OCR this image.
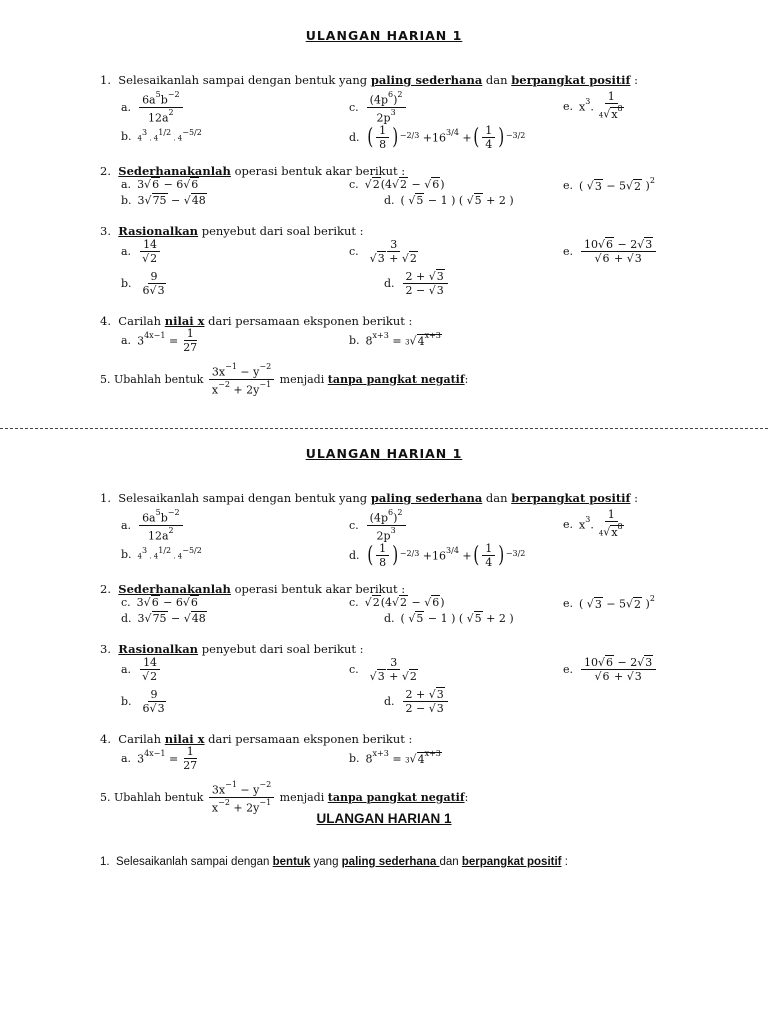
ULANGAN HARIAN 1
1. Selesaikanlah sampai dengan bentuk yang paling sederhana dan berpangkat positif :
a. $\frac{6a^5b^{-2}}{12a^2}$	c. $\frac{(4p^6)^2}{2p^3}$	e. $x^3$. $\frac{1}{4√x^8}$
b. 43 . 41/2 . 4−5/2	d. ( $\frac{1}{8}$ ) $-2/3 +16^{3/4}$ + ( $\frac{1}{4}$ ) −3/2
2. Sederhanakanlah operasi bentuk akar berikut :
a. 3√6 − 6√6
b. 3√75 − √48
c. √2(4√2 − √6)
d. ( √5 − 1 ) ( √5 + 2 )
e. ( √3 − 5√2 )$^2$
3. Rasionalkan penyebut dari soal berikut :
a. $\frac{14}{√2}$
b. $\frac{9}{6√3}$
c. $\frac{3}{√3 + √2}$
d. $\frac{2 + √3}{2 - √3}$
e. $\frac{10√6 - 2√3}{√6 + √3}$
4. Carilah nilai x dari persamaan eksponen berikut :
a. $3^{4x-1} = \frac{1}{27}$	b. $8^{x+3} = 3√4^{x+3}$
5.
Ubahlah bentuk
$\frac{3x^{-1} - y^{-2}}{x^{-2} + 2y^{-1}}$
menjadi
tanpa pangkat negatif :
ULANGAN HARIAN 1
1. Selesaikanlah sampai dengan bentuk yang paling sederhana dan berpangkat positif :
a. $\frac{6a^5b^{-2}}{12a^2}$	c. $\frac{(4p^6)^2}{2p^3}$	e. $x^3$. $\frac{1}{4√x^8}$
b. 43 . 41/2 . 4−5/2	d. ( $\frac{1}{8}$ ) $-2/3 +16^{3/4}$ + ( $\frac{1}{4}$ ) −3/2
2. Sederhanakanlah operasi bentuk akar berikut :
c. 3√6 − 6√6
d. 3√75 − √48
c. √2(4√2 − √6)
d. ( √5 − 1 ) ( √5 + 2 )
e. ( √3 − 5√2 )$^2$
3. Rasionalkan penyebut dari soal berikut :
a. $\frac{14}{√2}$
b. $\frac{9}{6√3}$
c. $\frac{3}{√3 + √2}$
d. $\frac{2 + √3}{2 - √3}$
e. $\frac{10√6 - 2√3}{√6 + √3}$
4. Carilah nilai x dari persamaan eksponen berikut :
a. $3^{4x-1} = \frac{1}{27}$	b. $8^{x+3} = 3√4^{x+3}$
5.
Ubahlah bentuk
$\frac{3x^{-1} - y^{-2}}{x^{-2} + 2y^{-1}}$
menjadi
tanpa pangkat negatif :
ULANGAN HARIAN 1
1. Selesaikanlah sampai dengan bentuk yang paling sederhana dan berpangkat positif :
